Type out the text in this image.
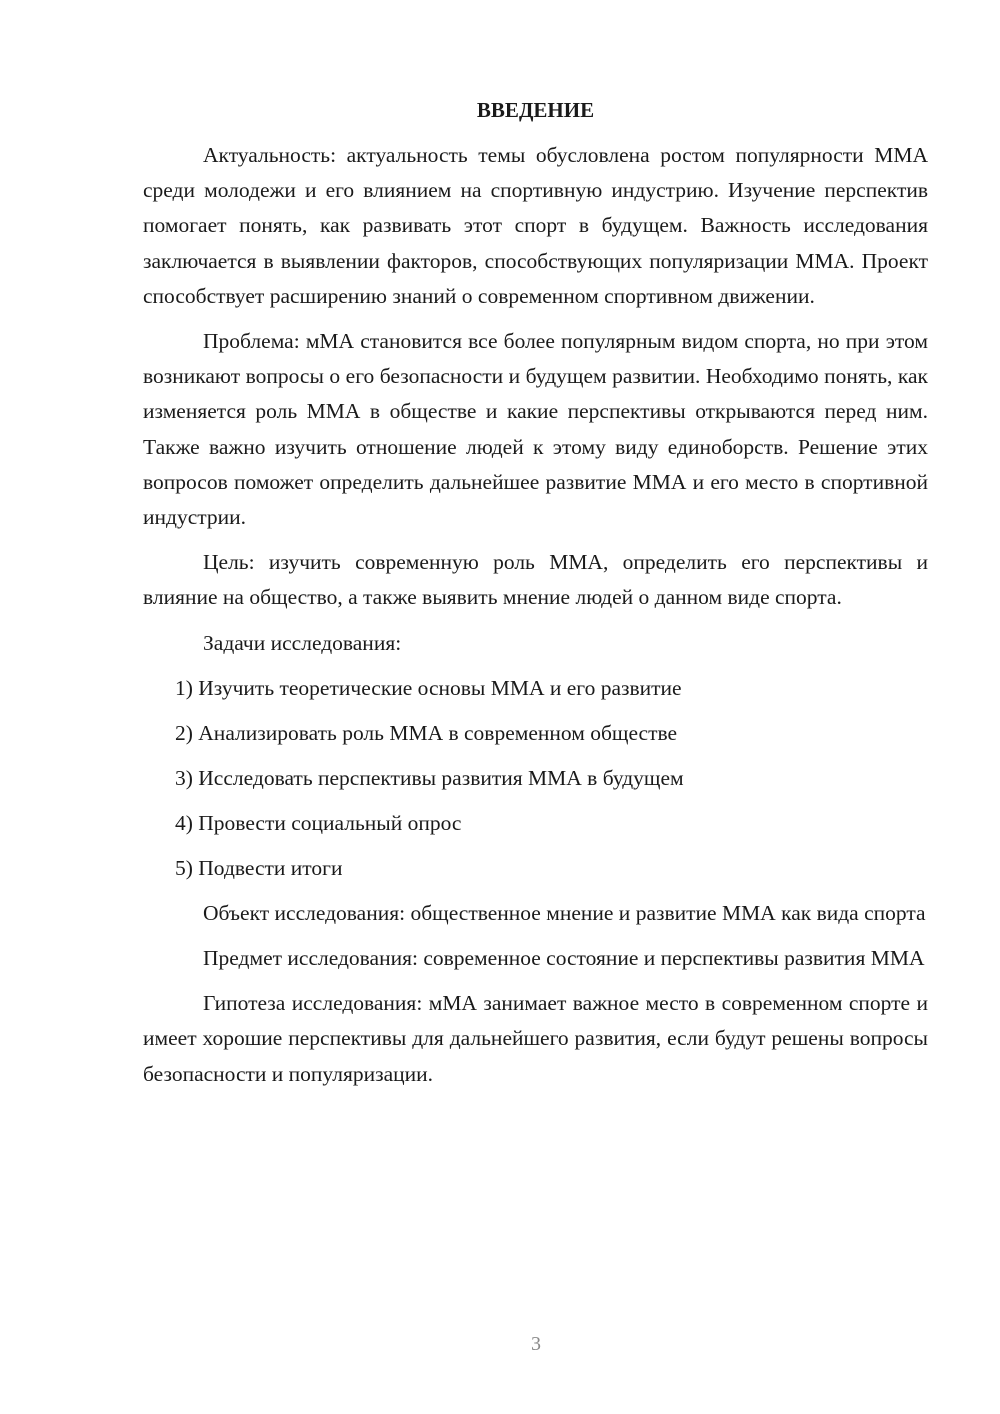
ВВЕДЕНИЕ

Актуальность: актуальность темы обусловлена ростом популярности ММА среди молодежи и его влиянием на спортивную индустрию. Изучение перспектив помогает понять, как развивать этот спорт в будущем. Важность исследования заключается в выявлении факторов, способствующих популяризации ММА. Проект способствует расширению знаний о современном спортивном движении.

Проблема: мМА становится все более популярным видом спорта, но при этом возникают вопросы о его безопасности и будущем развитии. Необходимо понять, как изменяется роль ММА в обществе и какие перспективы открываются перед ним. Также важно изучить отношение людей к этому виду единоборств. Решение этих вопросов поможет определить дальнейшее развитие ММА и его место в спортивной индустрии.

Цель: изучить современную роль ММА, определить его перспективы и влияние на общество, а также выявить мнение людей о данном виде спорта.

Задачи исследования:
1) Изучить теоретические основы ММА и его развитие
2) Анализировать роль ММА в современном обществе
3) Исследовать перспективы развития ММА в будущем
4) Провести социальный опрос
5) Подвести итоги

Объект исследования: общественное мнение и развитие ММА как вида спорта

Предмет исследования: современное состояние и перспективы развития ММА

Гипотеза исследования: мМА занимает важное место в современном спорте и имеет хорошие перспективы для дальнейшего развития, если будут решены вопросы безопасности и популяризации.

3
